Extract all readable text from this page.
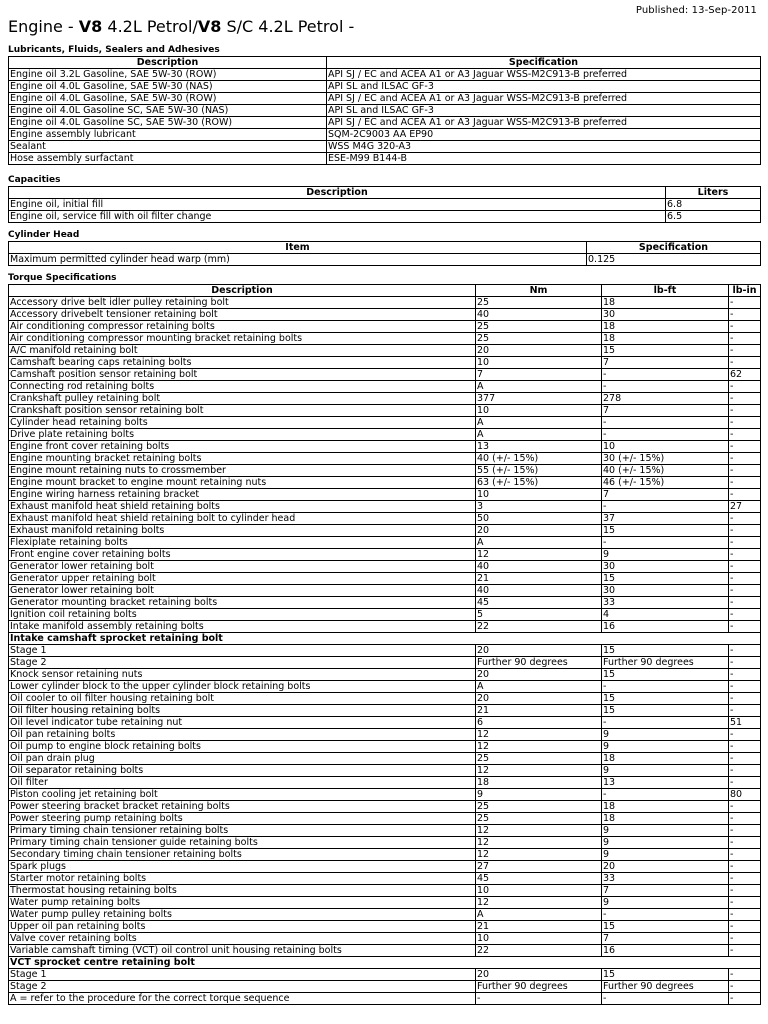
Published: 13-Sep-2011
Engine - V8 4.2L Petrol/V8 S/C 4.2L Petrol -
Lubricants, Fluids, Sealers and Adhesives
Description	Specification
Engine oil 3.2L Gasoline, SAE 5W-30 (ROW)	API SJ / EC and ACEA A1 or A3 Jaguar WSS-M2C913-B preferred
Engine oil 4.0L Gasoline, SAE 5W-30 (NAS)	API SL and ILSAC GF-3
Engine oil 4.0L Gasoline, SAE 5W-30 (ROW)	API SJ / EC and ACEA A1 or A3 Jaguar WSS-M2C913-B preferred
Engine oil 4.0L Gasoline SC, SAE 5W-30 (NAS)	API SL and ILSAC GF-3
Engine oil 4.0L Gasoline SC, SAE 5W-30 (ROW)	API SJ / EC and ACEA A1 or A3 Jaguar WSS-M2C913-B preferred
Engine assembly lubricant	SQM-2C9003 AA EP90
Sealant	WSS M4G 320-A3
Hose assembly surfactant	ESE-M99 B144-B
Capacities
Description	Liters
Engine oil, initial fill	6.8
Engine oil, service fill with oil filter change	6.5
Cylinder Head
Item	Specification
Maximum permitted cylinder head warp (mm)	0.125
Torque Specifications
Description	Nm	lb-ft	lb-in
Accessory drive belt idler pulley retaining bolt	25	18	-
Accessory drivebelt tensioner retaining bolt	40	30	-
Air conditioning compressor retaining bolts	25	18	-
Air conditioning compressor mounting bracket retaining bolts	25	18	-
A/C manifold retaining bolt	20	15	-
Camshaft bearing caps retaining bolts	10	7	-
Camshaft position sensor retaining bolt	7	-	62
Connecting rod retaining bolts	A	-	-
Crankshaft pulley retaining bolt	377	278	-
Crankshaft position sensor retaining bolt	10	7	-
Cylinder head retaining bolts	A	-	-
Drive plate retaining bolts	A	-	-
Engine front cover retaining bolts	13	10	-
Engine mounting bracket retaining bolts	40 (+/- 15%)	30 (+/- 15%)	-
Engine mount retaining nuts to crossmember	55 (+/- 15%)	40 (+/- 15%)	-
Engine mount bracket to engine mount retaining nuts	63 (+/- 15%)	46 (+/- 15%)	-
Engine wiring harness retaining bracket	10	7	-
Exhaust manifold heat shield retaining bolts	3	-	27
Exhaust manifold heat shield retaining bolt to cylinder head	50	37	-
Exhaust manifold retaining bolts	20	15	-
Flexiplate retaining bolts	A	-	-
Front engine cover retaining bolts	12	9	-
Generator lower retaining bolt	40	30	-
Generator upper retaining bolt	21	15	-
Generator lower retaining bolt	40	30	-
Generator mounting bracket retaining bolts	45	33	-
Ignition coil retaining bolts	5	4	-
Intake manifold assembly retaining bolts	22	16	-
Intake camshaft sprocket retaining bolt			
Stage 1	20	15	-
Stage 2	Further 90 degrees	Further 90 degrees	-
Knock sensor retaining nuts	20	15	-
Lower cylinder block to the upper cylinder block retaining bolts	A	-	-
Oil cooler to oil filter housing retaining bolt	20	15	-
Oil filter housing retaining bolts	21	15	-
Oil level indicator tube retaining nut	6	-	51
Oil pan retaining bolts	12	9	-
Oil pump to engine block retaining bolts	12	9	-
Oil pan drain plug	25	18	-
Oil separator retaining bolts	12	9	-
Oil filter	18	13	-
Piston cooling jet retaining bolt	9	-	80
Power steering bracket bracket retaining bolts	25	18	-
Power steering pump retaining bolts	25	18	-
Primary timing chain tensioner retaining bolts	12	9	-
Primary timing chain tensioner guide retaining bolts	12	9	-
Secondary timing chain tensioner retaining bolts	12	9	-
Spark plugs	27	20	-
Starter motor retaining bolts	45	33	-
Thermostat housing retaining bolts	10	7	-
Water pump retaining bolts	12	9	-
Water pump pulley retaining bolts	A	-	-
Upper oil pan retaining bolts	21	15	-
Valve cover retaining bolts	10	7	-
Variable camshaft timing (VCT) oil control unit housing retaining bolts	22	16	-
VCT sprocket centre retaining bolt			
Stage 1	20	15	-
Stage 2	Further 90 degrees	Further 90 degrees	-
A = refer to the procedure for the correct torque sequence	-	-	-
